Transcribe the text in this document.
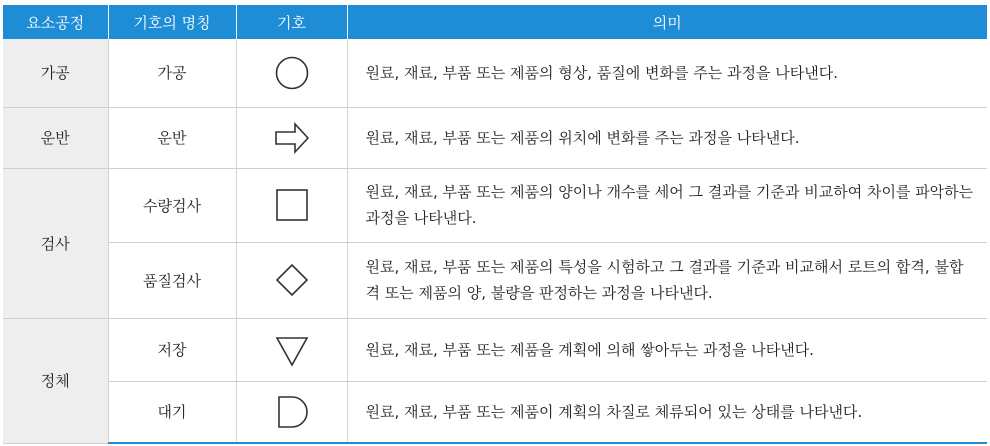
요소공정	기호의 명칭	기호	의미
가공	가공		원료, 재료, 부품 또는 제품의 형상, 품질에 변화를 주는 과정을 나타낸다.
운반	운반		원료, 재료, 부품 또는 제품의 위치에 변화를 주는 과정을 나타낸다.
검사	수량검사		원료, 재료, 부품 또는 제품의 양이나 개수를 세어 그 결과를 기준과 비교하여 차이를 파악하는 과정을 나타낸다.
	품질검사		원료, 재료, 부품 또는 제품의 특성을 시험하고 그 결과를 기준과 비교해서 로트의 합격, 불합격 또는 제품의 양, 불량을 판정하는 과정을 나타낸다.
정체	저장		원료, 재료, 부품 또는 제품을 계획에 의해 쌓아두는 과정을 나타낸다.
	대기		원료, 재료, 부품 또는 제품이 계획의 차질로 체류되어 있는 상태를 나타낸다.
